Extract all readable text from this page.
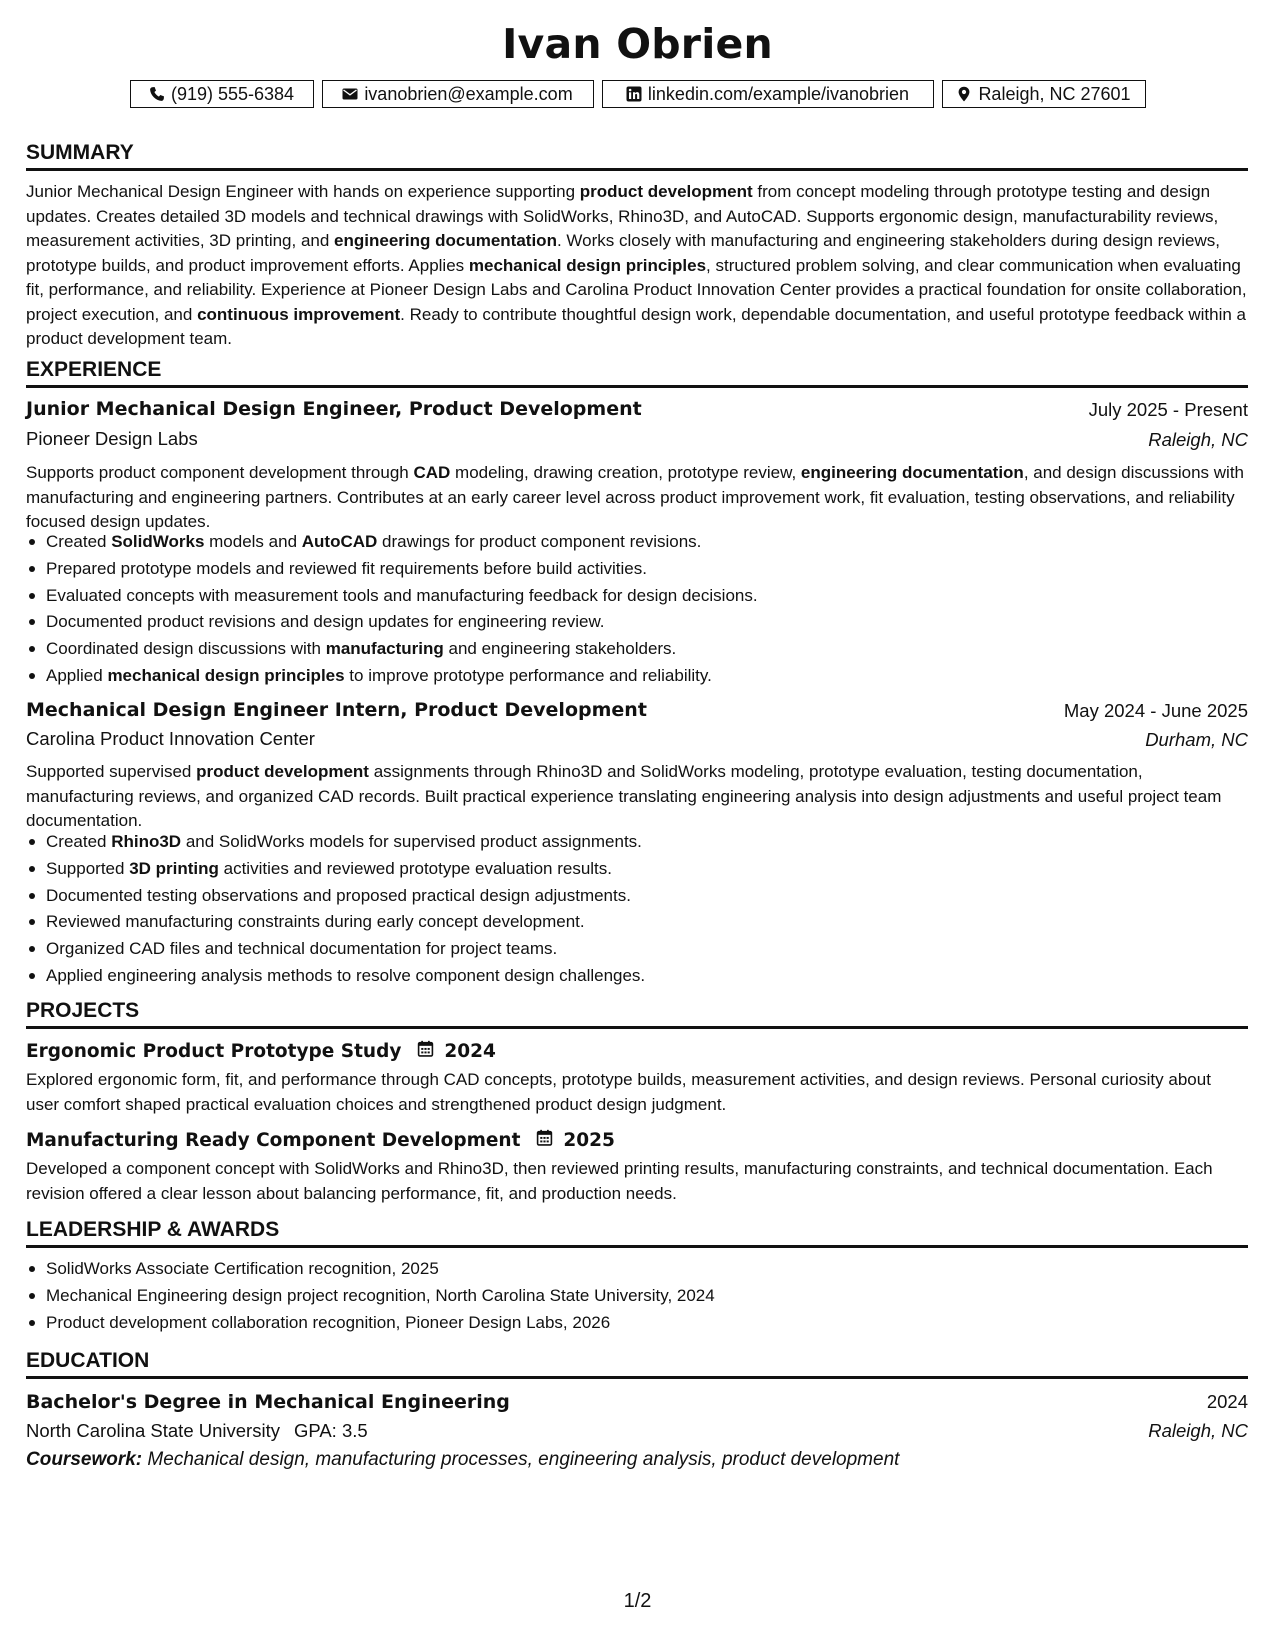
Ivan Obrien
(919) 555-6384	ivanobrien@example.com	linkedin.com/example/ivanobrien	Raleigh, NC 27601
SUMMARY
Junior Mechanical Design Engineer with hands on experience supporting product development from concept modeling through prototype testing and design updates. Creates detailed 3D models and technical drawings with SolidWorks, Rhino3D, and AutoCAD. Supports ergonomic design, manufacturability reviews, measurement activities, 3D printing, and engineering documentation. Works closely with manufacturing and engineering stakeholders during design reviews, prototype builds, and product improvement efforts. Applies mechanical design principles, structured problem solving, and clear communication when evaluating fit, performance, and reliability. Experience at Pioneer Design Labs and Carolina Product Innovation Center provides a practical foundation for onsite collaboration, project execution, and continuous improvement. Ready to contribute thoughtful design work, dependable documentation, and useful prototype feedback within a product development team.
EXPERIENCE
Junior Mechanical Design Engineer, Product Development	July 2025 - Present
Pioneer Design Labs	Raleigh, NC
Supports product component development through CAD modeling, drawing creation, prototype review, engineering documentation, and design discussions with manufacturing and engineering partners. Contributes at an early career level across product improvement work, fit evaluation, testing observations, and reliability focused design updates.
Created SolidWorks models and AutoCAD drawings for product component revisions.
Prepared prototype models and reviewed fit requirements before build activities.
Evaluated concepts with measurement tools and manufacturing feedback for design decisions.
Documented product revisions and design updates for engineering review.
Coordinated design discussions with manufacturing and engineering stakeholders.
Applied mechanical design principles to improve prototype performance and reliability.
Mechanical Design Engineer Intern, Product Development	May 2024 - June 2025
Carolina Product Innovation Center	Durham, NC
Supported supervised product development assignments through Rhino3D and SolidWorks modeling, prototype evaluation, testing documentation, manufacturing reviews, and organized CAD records. Built practical experience translating engineering analysis into design adjustments and useful project team documentation.
Created Rhino3D and SolidWorks models for supervised product assignments.
Supported 3D printing activities and reviewed prototype evaluation results.
Documented testing observations and proposed practical design adjustments.
Reviewed manufacturing constraints during early concept development.
Organized CAD files and technical documentation for project teams.
Applied engineering analysis methods to resolve component design challenges.
PROJECTS
Ergonomic Product Prototype Study 2024
Explored ergonomic form, fit, and performance through CAD concepts, prototype builds, measurement activities, and design reviews. Personal curiosity about user comfort shaped practical evaluation choices and strengthened product design judgment.
Manufacturing Ready Component Development 2025
Developed a component concept with SolidWorks and Rhino3D, then reviewed printing results, manufacturing constraints, and technical documentation. Each revision offered a clear lesson about balancing performance, fit, and production needs.
LEADERSHIP & AWARDS
SolidWorks Associate Certification recognition, 2025
Mechanical Engineering design project recognition, North Carolina State University, 2024
Product development collaboration recognition, Pioneer Design Labs, 2026
EDUCATION
Bachelor's Degree in Mechanical Engineering	2024
North Carolina State University GPA: 3.5	Raleigh, NC
Coursework: Mechanical design, manufacturing processes, engineering analysis, product development
1/2
